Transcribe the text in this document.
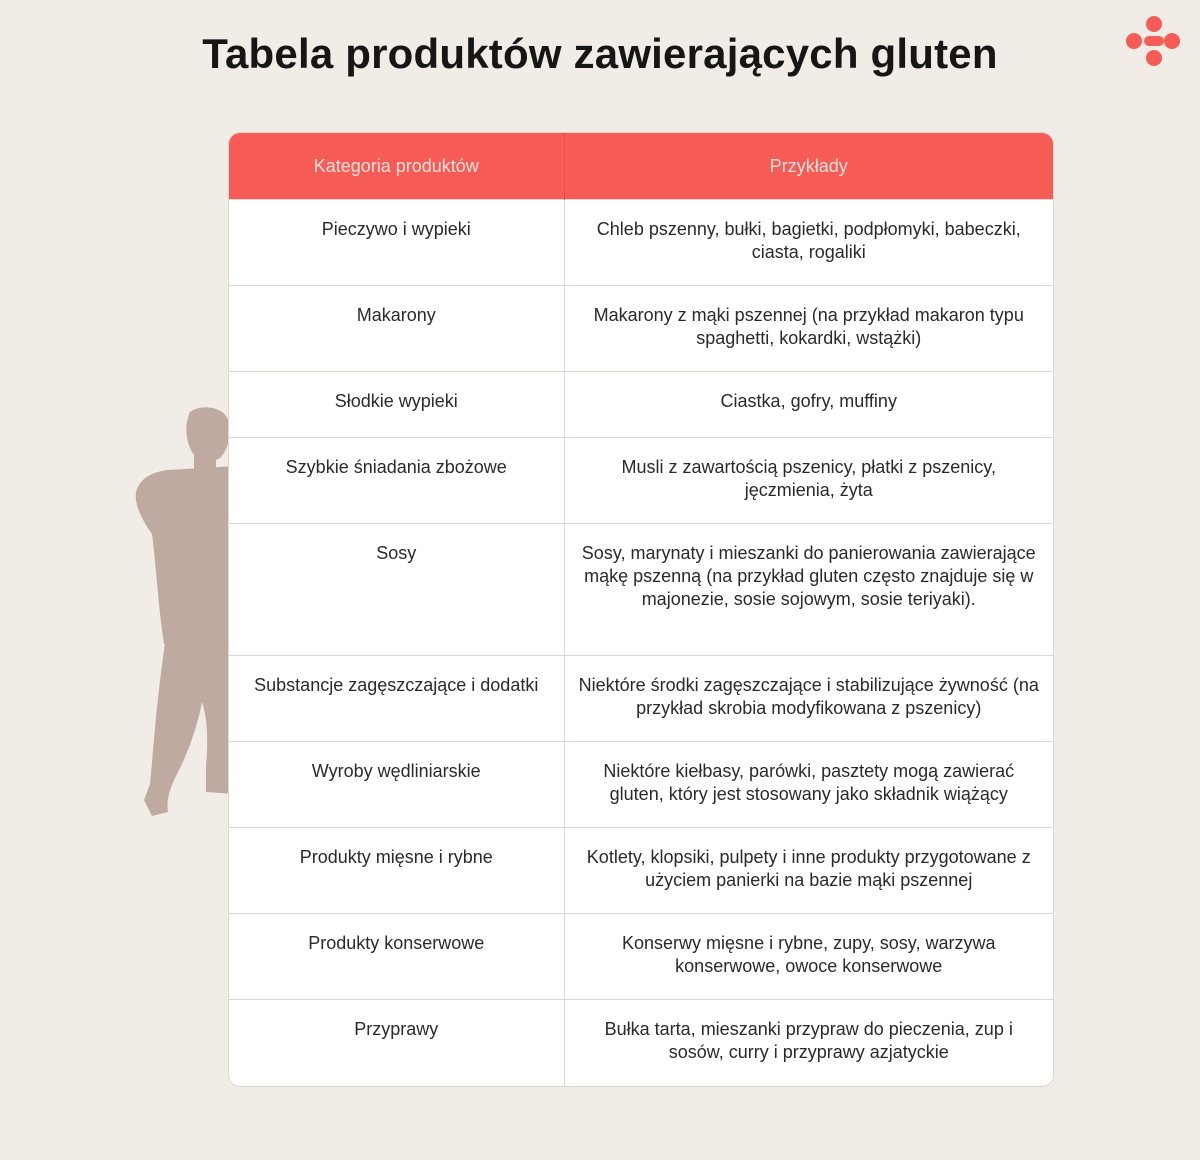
Tabela produktów zawierających gluten
Kategoria produktów	Przykłady
Pieczywo i wypieki	Chleb pszenny, bułki, bagietki, podpłomyki, babeczki, ciasta, rogaliki
Makarony	Makarony z mąki pszennej (na przykład makaron typu spaghetti, kokardki, wstążki)
Słodkie wypieki	Ciastka, gofry, muffiny
Szybkie śniadania zbożowe	Musli z zawartością pszenicy, płatki z pszenicy, jęczmienia, żyta
Sosy	Sosy, marynaty i mieszanki do panierowania zawierające mąkę pszenną (na przykład gluten często znajduje się w majonezie, sosie sojowym, sosie teriyaki).
Substancje zagęszczające i dodatki	Niektóre środki zagęszczające i stabilizujące żywność (na przykład skrobia modyfikowana z pszenicy)
Wyroby wędliniarskie	Niektóre kiełbasy, parówki, pasztety mogą zawierać gluten, który jest stosowany jako składnik wiążący
Produkty mięsne i rybne	Kotlety, klopsiki, pulpety i inne produkty przygotowane z użyciem panierki na bazie mąki pszennej
Produkty konserwowe	Konserwy mięsne i rybne, zupy, sosy, warzywa konserwowe, owoce konserwowe
Przyprawy	Bułka tarta, mieszanki przypraw do pieczenia, zup i sosów, curry i przyprawy azjatyckie
